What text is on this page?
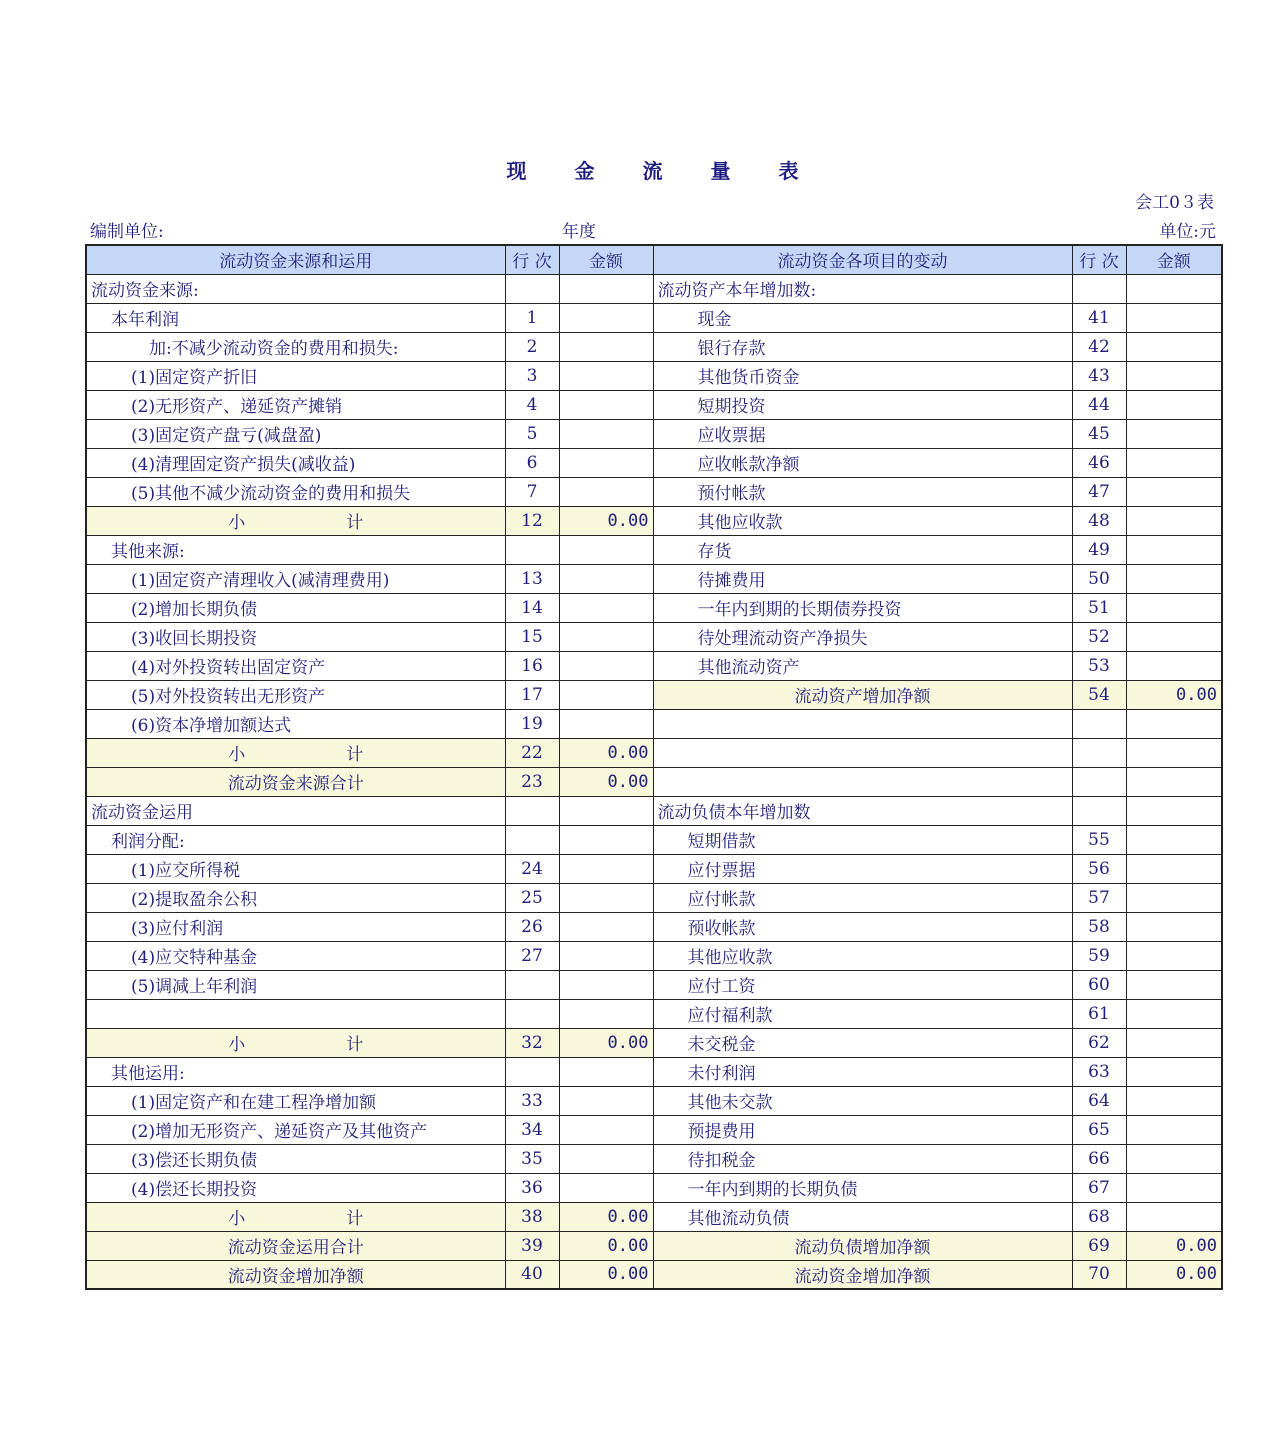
现 金 流 量 表
会工0３表
编制单位:	年度	单位:元
流动资金来源和运用	行 次	金额	流动资金各项目的变动	行 次	金额
流动资金来源:			流动资产本年增加数:		
本年利润	1		现金	41	
加:不减少流动资金的费用和损失:	2		银行存款	42	
(1)固定资产折旧	3		其他货币资金	43	
(2)无形资产、递延资产摊销	4		短期投资	44	
(3)固定资产盘亏(减盘盈)	5		应收票据	45	
(4)清理固定资产损失(减收益)	6		应收帐款净额	46	
(5)其他不减少流动资金的费用和损失	7		预付帐款	47	
小 计	12	0.00	其他应收款	48	
其他来源:			存货	49	
(1)固定资产清理收入(减清理费用)	13		待摊费用	50	
(2)增加长期负债	14		一年内到期的长期债券投资	51	
(3)收回长期投资	15		待处理流动资产净损失	52	
(4)对外投资转出固定资产	16		其他流动资产	53	
(5)对外投资转出无形资产	17		流动资产增加净额	54	0.00
(6)资本净增加额达式	19				
小 计	22	0.00			
流动资金来源合计	23	0.00			
流动资金运用			流动负债本年增加数		
利润分配:			短期借款	55	
(1)应交所得税	24		应付票据	56	
(2)提取盈余公积	25		应付帐款	57	
(3)应付利润	26		预收帐款	58	
(4)应交特种基金	27		其他应收款	59	
(5)调减上年利润			应付工资	60	
			应付福利款	61	
小 计	32	0.00	未交税金	62	
其他运用:			未付利润	63	
(1)固定资产和在建工程净增加额	33		其他未交款	64	
(2)增加无形资产、递延资产及其他资产	34		预提费用	65	
(3)偿还长期负债	35		待扣税金	66	
(4)偿还长期投资	36		一年内到期的长期负债	67	
小 计	38	0.00	其他流动负债	68	
流动资金运用合计	39	0.00	流动负债增加净额	69	0.00
流动资金增加净额	40	0.00	流动资金增加净额	70	0.00
